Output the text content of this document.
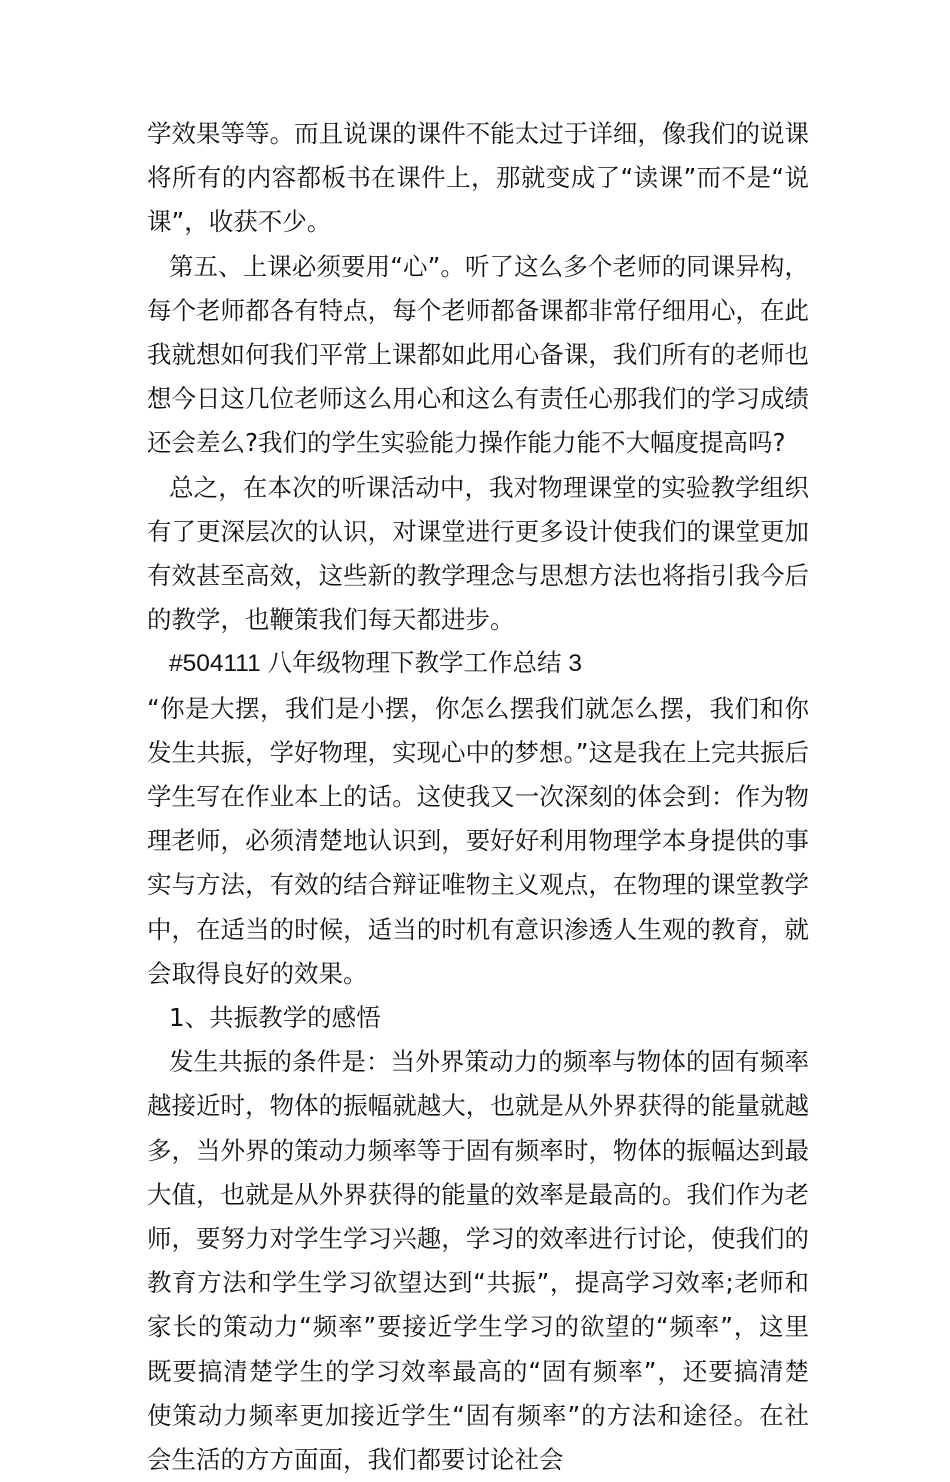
学效果等等。而且说课的课件不能太过于详细，像我们的说课将所有的内容都板书在课件上，那就变成了“读课”而不是“说课”，收获不少。

第五、上课必须要用“心”。听了这么多个老师的同课异构，每个老师都各有特点，每个老师都备课都非常仔细用心，在此我就想如何我们平常上课都如此用心备课，我们所有的老师也想今日这几位老师这么用心和这么有责任心那我们的学习成绩还会差么?我们的学生实验能力操作能力能不大幅度提高吗?

总之，在本次的听课活动中，我对物理课堂的实验教学组织有了更深层次的认识，对课堂进行更多设计使我们的课堂更加有效甚至高效，这些新的教学理念与思想方法也将指引我今后的教学，也鞭策我们每天都进步。

#504111 八年级物理下教学工作总结 3

“你是大摆，我们是小摆，你怎么摆我们就怎么摆，我们和你发生共振，学好物理，实现心中的梦想。”这是我在上完共振后学生写在作业本上的话。这使我又一次深刻的体会到：作为物理老师，必须清楚地认识到，要好好利用物理学本身提供的事实与方法，有效的结合辩证唯物主义观点，在物理的课堂教学中，在适当的时候，适当的时机有意识渗透人生观的教育，就会取得良好的效果。

1、共振教学的感悟

发生共振的条件是：当外界策动力的频率与物体的固有频率越接近时，物体的振幅就越大，也就是从外界获得的能量就越多，当外界的策动力频率等于固有频率时，物体的振幅达到最大值，也就是从外界获得的能量的效率是最高的。我们作为老师，要努力对学生学习兴趣，学习的效率进行讨论，使我们的教育方法和学生学习欲望达到“共振”，提高学习效率;老师和家长的策动力“频率”要接近学生学习的欲望的“频率”，这里既要搞清楚学生的学习效率最高的“固有频率”，还要搞清楚使策动力频率更加接近学生“固有频率”的方法和途径。在社会生活的方方面面，我们都要讨论社会
